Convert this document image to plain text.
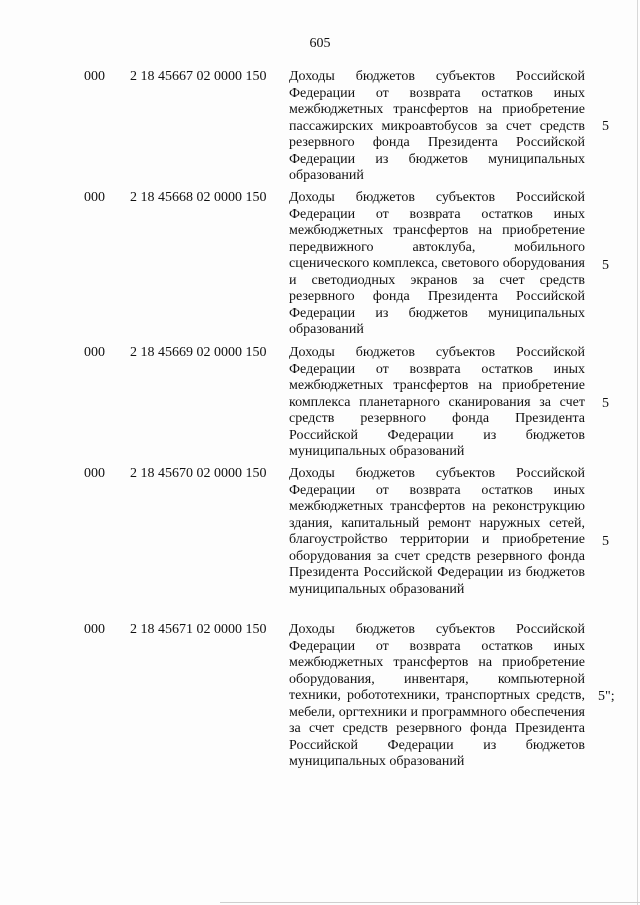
605
000 2 18 45667 02 0000 150 Доходы бюджетов субъектов Российской Федерации от возврата остатков иных межбюджетных трансфертов на приобретение пассажирских микроавтобусов за счет средств резервного фонда Президента Российской Федерации из бюджетов муниципальных образований
5
000 2 18 45668 02 0000 150 Доходы бюджетов субъектов Российской Федерации от возврата остатков иных межбюджетных трансфертов на приобретение передвижного автоклуба, мобильного сценического комплекса, светового оборудования и светодиодных экранов за счет средств резервного фонда Президента Российской Федерации из бюджетов муниципальных образований
5
000 2 18 45669 02 0000 150 Доходы бюджетов субъектов Российской Федерации от возврата остатков иных межбюджетных трансфертов на приобретение комплекса планетарного сканирования за счет средств резервного фонда Президента Российской Федерации из бюджетов муниципальных образований
5
000 2 18 45670 02 0000 150 Доходы бюджетов субъектов Российской Федерации от возврата остатков иных межбюджетных трансфертов на реконструкцию здания, капитальный ремонт наружных сетей, благоустройство территории и приобретение оборудования за счет средств резервного фонда Президента Российской Федерации из бюджетов муниципальных образований
5
000 2 18 45671 02 0000 150 Доходы бюджетов субъектов Российской Федерации от возврата остатков иных межбюджетных трансфертов на приобретение оборудования, инвентаря, компьютерной техники, робототехники, транспортных средств, мебели, оргтехники и программного обеспечения за счет средств резервного фонда Президента Российской Федерации из бюджетов муниципальных образований
5";
